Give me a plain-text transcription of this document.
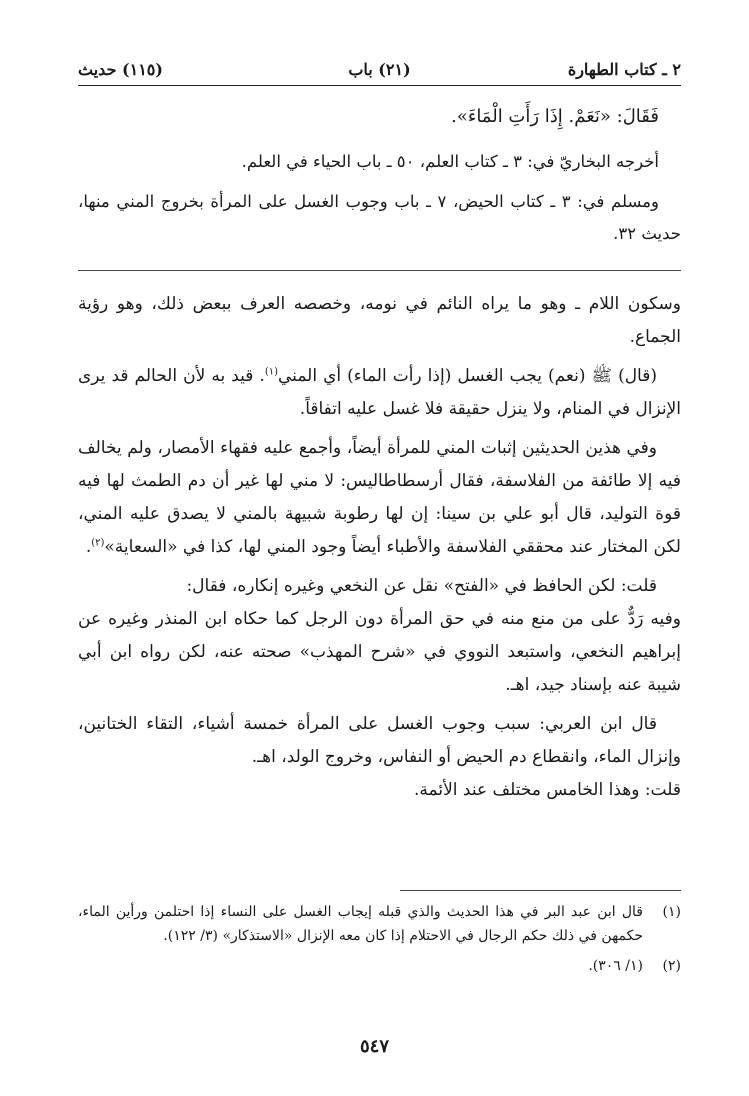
٢ ـ كتاب الطهارة
(٢١) باب
(١١٥) حديث
فَقَالَ: «نَعَمْ. إِذَا رَأَتِ الْمَاءَ».

أخرجه البخاريّ في: ٣ ـ كتاب العلم، ٥٠ ـ باب الحياء في العلم.

ومسلم في: ٣ ـ كتاب الحيض، ٧ ـ باب وجوب الغسل على المرأة بخروج المني منها، حديث ٣٢.

وسكون اللام ـ وهو ما يراه النائم في نومه، وخصصه العرف ببعض ذلك، وهو رؤية الجماع.

(قال) ﷺ (نعم) يجب الغسل (إذا رأت الماء) أي المني$^{(١)}$. قيد به لأن الحالم قد يرى الإنزال في المنام، ولا ينزل حقيقة فلا غسل عليه اتفاقاً.

وفي هذين الحديثين إثبات المني للمرأة أيضاً، وأجمع عليه فقهاء الأمصار، ولم يخالف فيه إلا طائفة من الفلاسفة، فقال أرسطاطاليس: لا مني لها غير أن دم الطمث لها فيه قوة التوليد، قال أبو علي بن سينا: إن لها رطوبة شبيهة بالمني لا يصدق عليه المني، لكن المختار عند محققي الفلاسفة والأطباء أيضاً وجود المني لها، كذا في «السعاية»$^{(٢)}$.

قلت: لكن الحافظ في «الفتح» نقل عن النخعي وغيره إنكاره، فقال:

وفيه رَدٌّ على من منع منه في حق المرأة دون الرجل كما حكاه ابن المنذر وغيره عن إبراهيم النخعي، واستبعد النووي في «شرح المهذب» صحته عنه، لكن رواه ابن أبي شيبة عنه بإسناد جيد، اهـ.

قال ابن العربي: سبب وجوب الغسل على المرأة خمسة أشياء، التقاء الختانين، وإنزال الماء، وانقطاع دم الحيض أو النفاس، وخروج الولد، اهـ.

قلت: وهذا الخامس مختلف عند الأئمة.

(١)
قال ابن عبد البر في هذا الحديث والذي قبله إيجاب الغسل على النساء إذا احتلمن ورأين الماء، حكمهن في ذلك حكم الرجال في الاحتلام إذا كان معه الإنزال «الاستذكار» (٣/ ١٢٢).
(٢)
(١/ ٣٠٦).
٥٤٧
